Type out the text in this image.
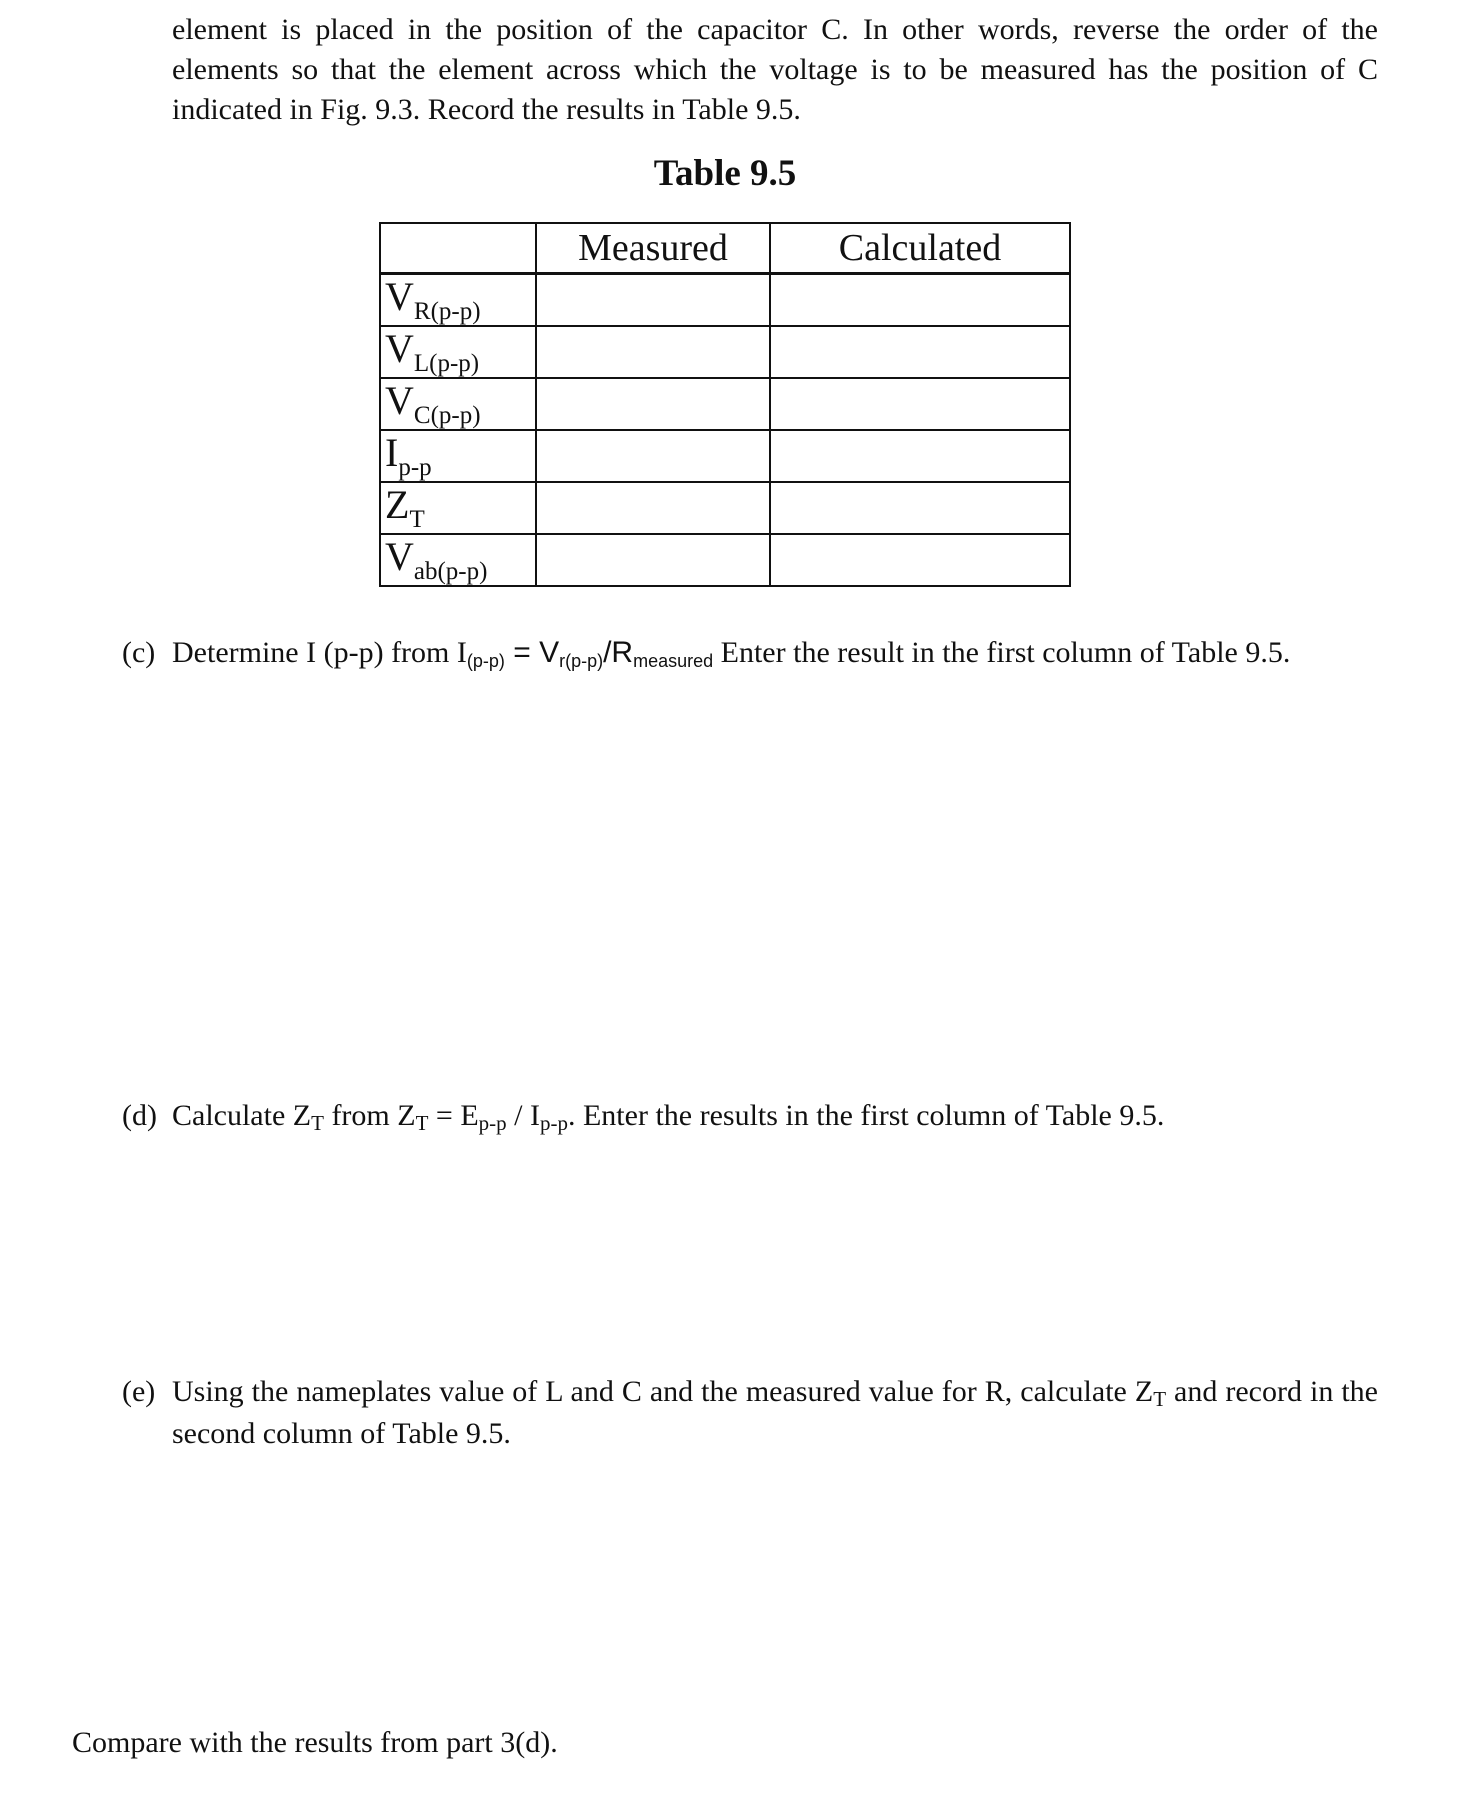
element is placed in the position of the capacitor C. In other words, reverse the order of the elements so that the element across which the voltage is to be measured has the position of C indicated in Fig. 9.3. Record the results in Table 9.5.

Table 9.5
	Measured	Calculated
$V_{R(p-p)}$		
$V_{L(p-p)}$		
$V_{C(p-p)}$		
$I_{p-p}$		
$Z_T$		
$V_{ab(p-p)}$		
(c) Determine I (p-p) from I(p-p) = Vr(p-p)/Rmeasured Enter the result in the first column of Table 9.5.

(d) Calculate ZT from ZT = Ep-p / Ip-p. Enter the results in the first column of Table 9.5.

(e) Using the nameplates value of L and C and the measured value for R, calculate ZT and record in the second column of Table 9.5.

Compare with the results from part 3(d).
